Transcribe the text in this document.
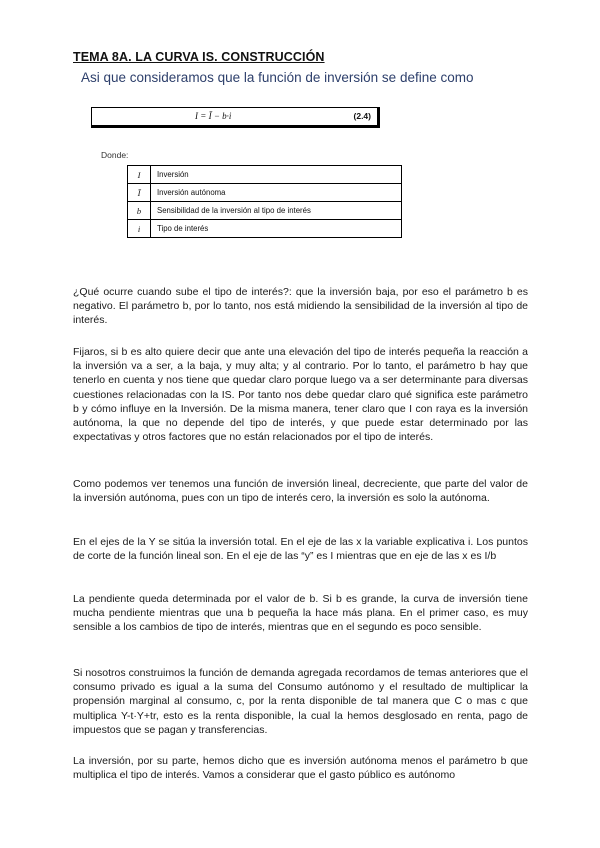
TEMA 8A. LA CURVA IS. CONSTRUCCIÓN
Asi que consideramos que la función de inversión se define como
I = Ī − b·i	(2.4)
Donde:
I	Inversión
Ī	Inversión autónoma
b	Sensibilidad de la inversión al tipo de interés
i	Tipo de interés

¿Qué ocurre cuando sube el tipo de interés?: que la inversión baja, por eso el parámetro b es negativo. El parámetro b, por lo tanto, nos está midiendo la sensibilidad de la inversión al tipo de interés.

Fijaros, si b es alto quiere decir que ante una elevación del tipo de interés pequeña la reacción a la inversión va a ser, a la baja, y muy alta; y al contrario. Por lo tanto, el parámetro b hay que tenerlo en cuenta y nos tiene que quedar claro porque luego va a ser determinante para diversas cuestiones relacionadas con la IS. Por tanto nos debe quedar claro qué significa este parámetro b y cómo influye en la Inversión. De la misma manera, tener claro que I con raya es la inversión autónoma, la que no depende del tipo de interés, y que puede estar determinado por las expectativas y otros factores que no están relacionados por el tipo de interés.

Como podemos ver tenemos una función de inversión lineal, decreciente, que parte del valor de la inversión autónoma, pues con un tipo de interés cero, la inversión es solo la autónoma.

En el ejes de la Y se sitúa la inversión total. En el eje de las x la variable explicativa i. Los puntos de corte de la función lineal son. En el eje de las “y” es I mientras que en eje de las x es I/b

La pendiente queda determinada por el valor de b. Si b es grande, la curva de inversión tiene mucha pendiente mientras que una b pequeña la hace más plana. En el primer caso, es muy sensible a los cambios de tipo de interés, mientras que en el segundo es poco sensible.

Si nosotros construimos la función de demanda agregada recordamos de temas anteriores que el consumo privado es igual a la suma del Consumo autónomo y el resultado de multiplicar la propensión marginal al consumo, c, por la renta disponible de tal manera que C o mas c que multiplica Y-t·Y+tr, esto es la renta disponible, la cual la hemos desglosado en renta, pago de impuestos que se pagan y transferencias.

La inversión, por su parte, hemos dicho que es inversión autónoma menos el parámetro b que multiplica el tipo de interés. Vamos a considerar que el gasto público es autónomo
